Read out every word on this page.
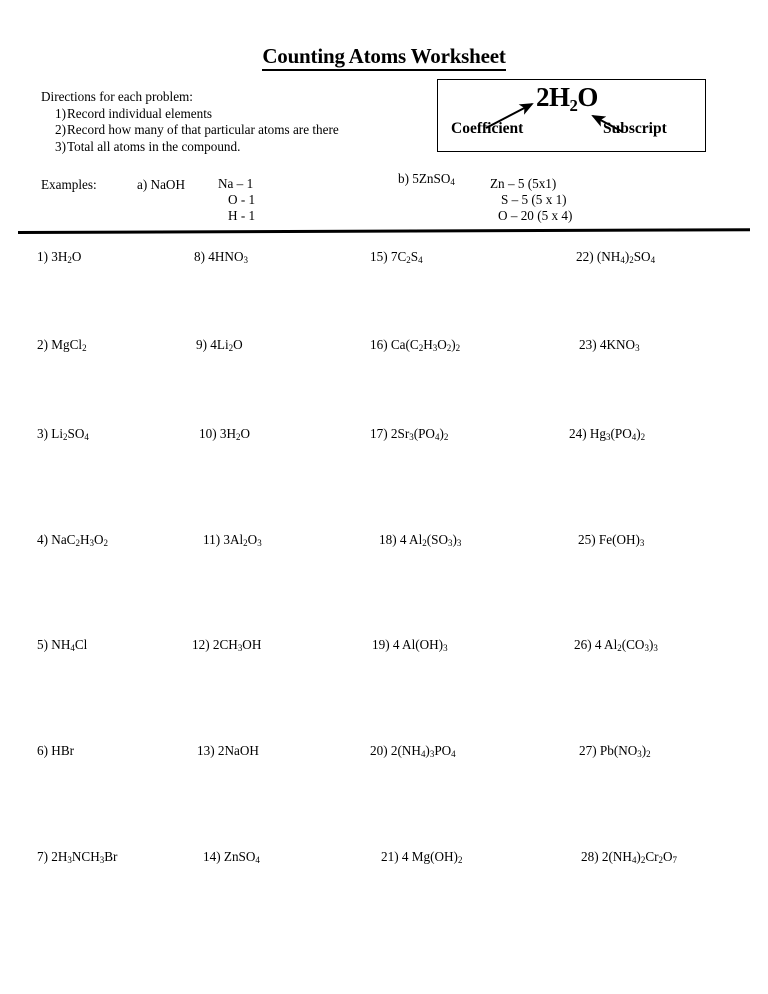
Counting Atoms Worksheet

Directions for each problem:

1)Record individual elements
2)Record how many of that particular atoms are there
3)Total all atoms in the compound.
$2H_2O$
Coefficient	Subscript
Examples:	a) NaOH	Na – 1
O - 1
H - 1
b) 5ZnSO$_4$	Zn – 5 (5x1)
S – 5 (5 x 1)
O – 20 (5 x 4)
1) $3H_2O$
2) MgCl$_2$
3) $Li_2SO_4$
4) $NaC_2H_3O_2$
5) $NH_4Cl$
6) HBr
7) $2H_3NCH_3Br$
8) $4HNO_3$
9) $4Li_2O$
10) $3H_2O$
11) $3Al_2O_3$
12) $2CH_3OH$
13) 2NaOH
14) ZnSO$_4$
15) $7C_2S_4$
16) $Ca(C_2H_3O_2)_2$
17) $2Sr_3(PO_4)_2$
18) 4 $Al_2(SO_3)_3$
19) 4 $Al(OH)_3$
20) $2(NH_4)_3PO_4$
21) 4 $Mg(OH)_2$
22) $(NH_4)_2SO_4$
23) $4KNO_3$
24) $Hg_3(PO_4)_2$
25) $Fe(OH)_3$
26) 4 $Al_2(CO_3)_3$
27) $Pb(NO_3)_2$
28) $2(NH_4)_2Cr_2O_7$
